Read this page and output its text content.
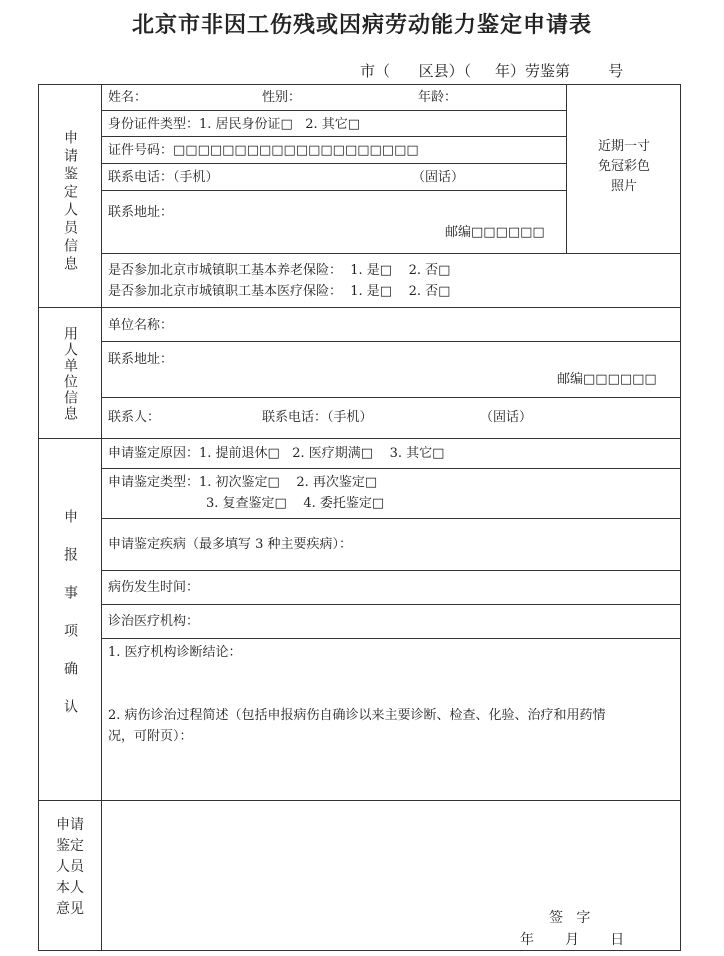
北京市非因工伤残或因病劳动能力鉴定申请表
市（      区县）（     年）劳鉴第        号
申请鉴定人员信息
姓名：	性别：	年龄：
身份证件类型：1. 居民身份证□   2. 其它□
证件号码：□□□□□□□□□□□□□□□□□□□□
联系电话：（手机）	（固话）
联系地址：
邮编□□□□□□
是否参加北京市城镇职工基本养老保险：  1. 是□    2. 否□
是否参加北京市城镇职工基本医疗保险：  1. 是□    2. 否□
近期一寸
免冠彩色
照片
用人单位信息
单位名称：
联系地址：
邮编□□□□□□
联系人：	联系电话：（手机）	（固话）
申报事项确认
申请鉴定原因：1. 提前退休□   2. 医疗期满□    3. 其它□
申请鉴定类型：1. 初次鉴定□    2. 再次鉴定□
3. 复查鉴定□    4. 委托鉴定□
申请鉴定疾病（最多填写 3 种主要疾病）：
病伤发生时间：
诊治医疗机构：
1. 医疗机构诊断结论：
2. 病伤诊治过程简述（包括申报病伤自确诊以来主要诊断、检查、化验、治疗和用药情
况，可附页）：
申请
鉴定
人员
本人
意见
签   字
年       月       日
